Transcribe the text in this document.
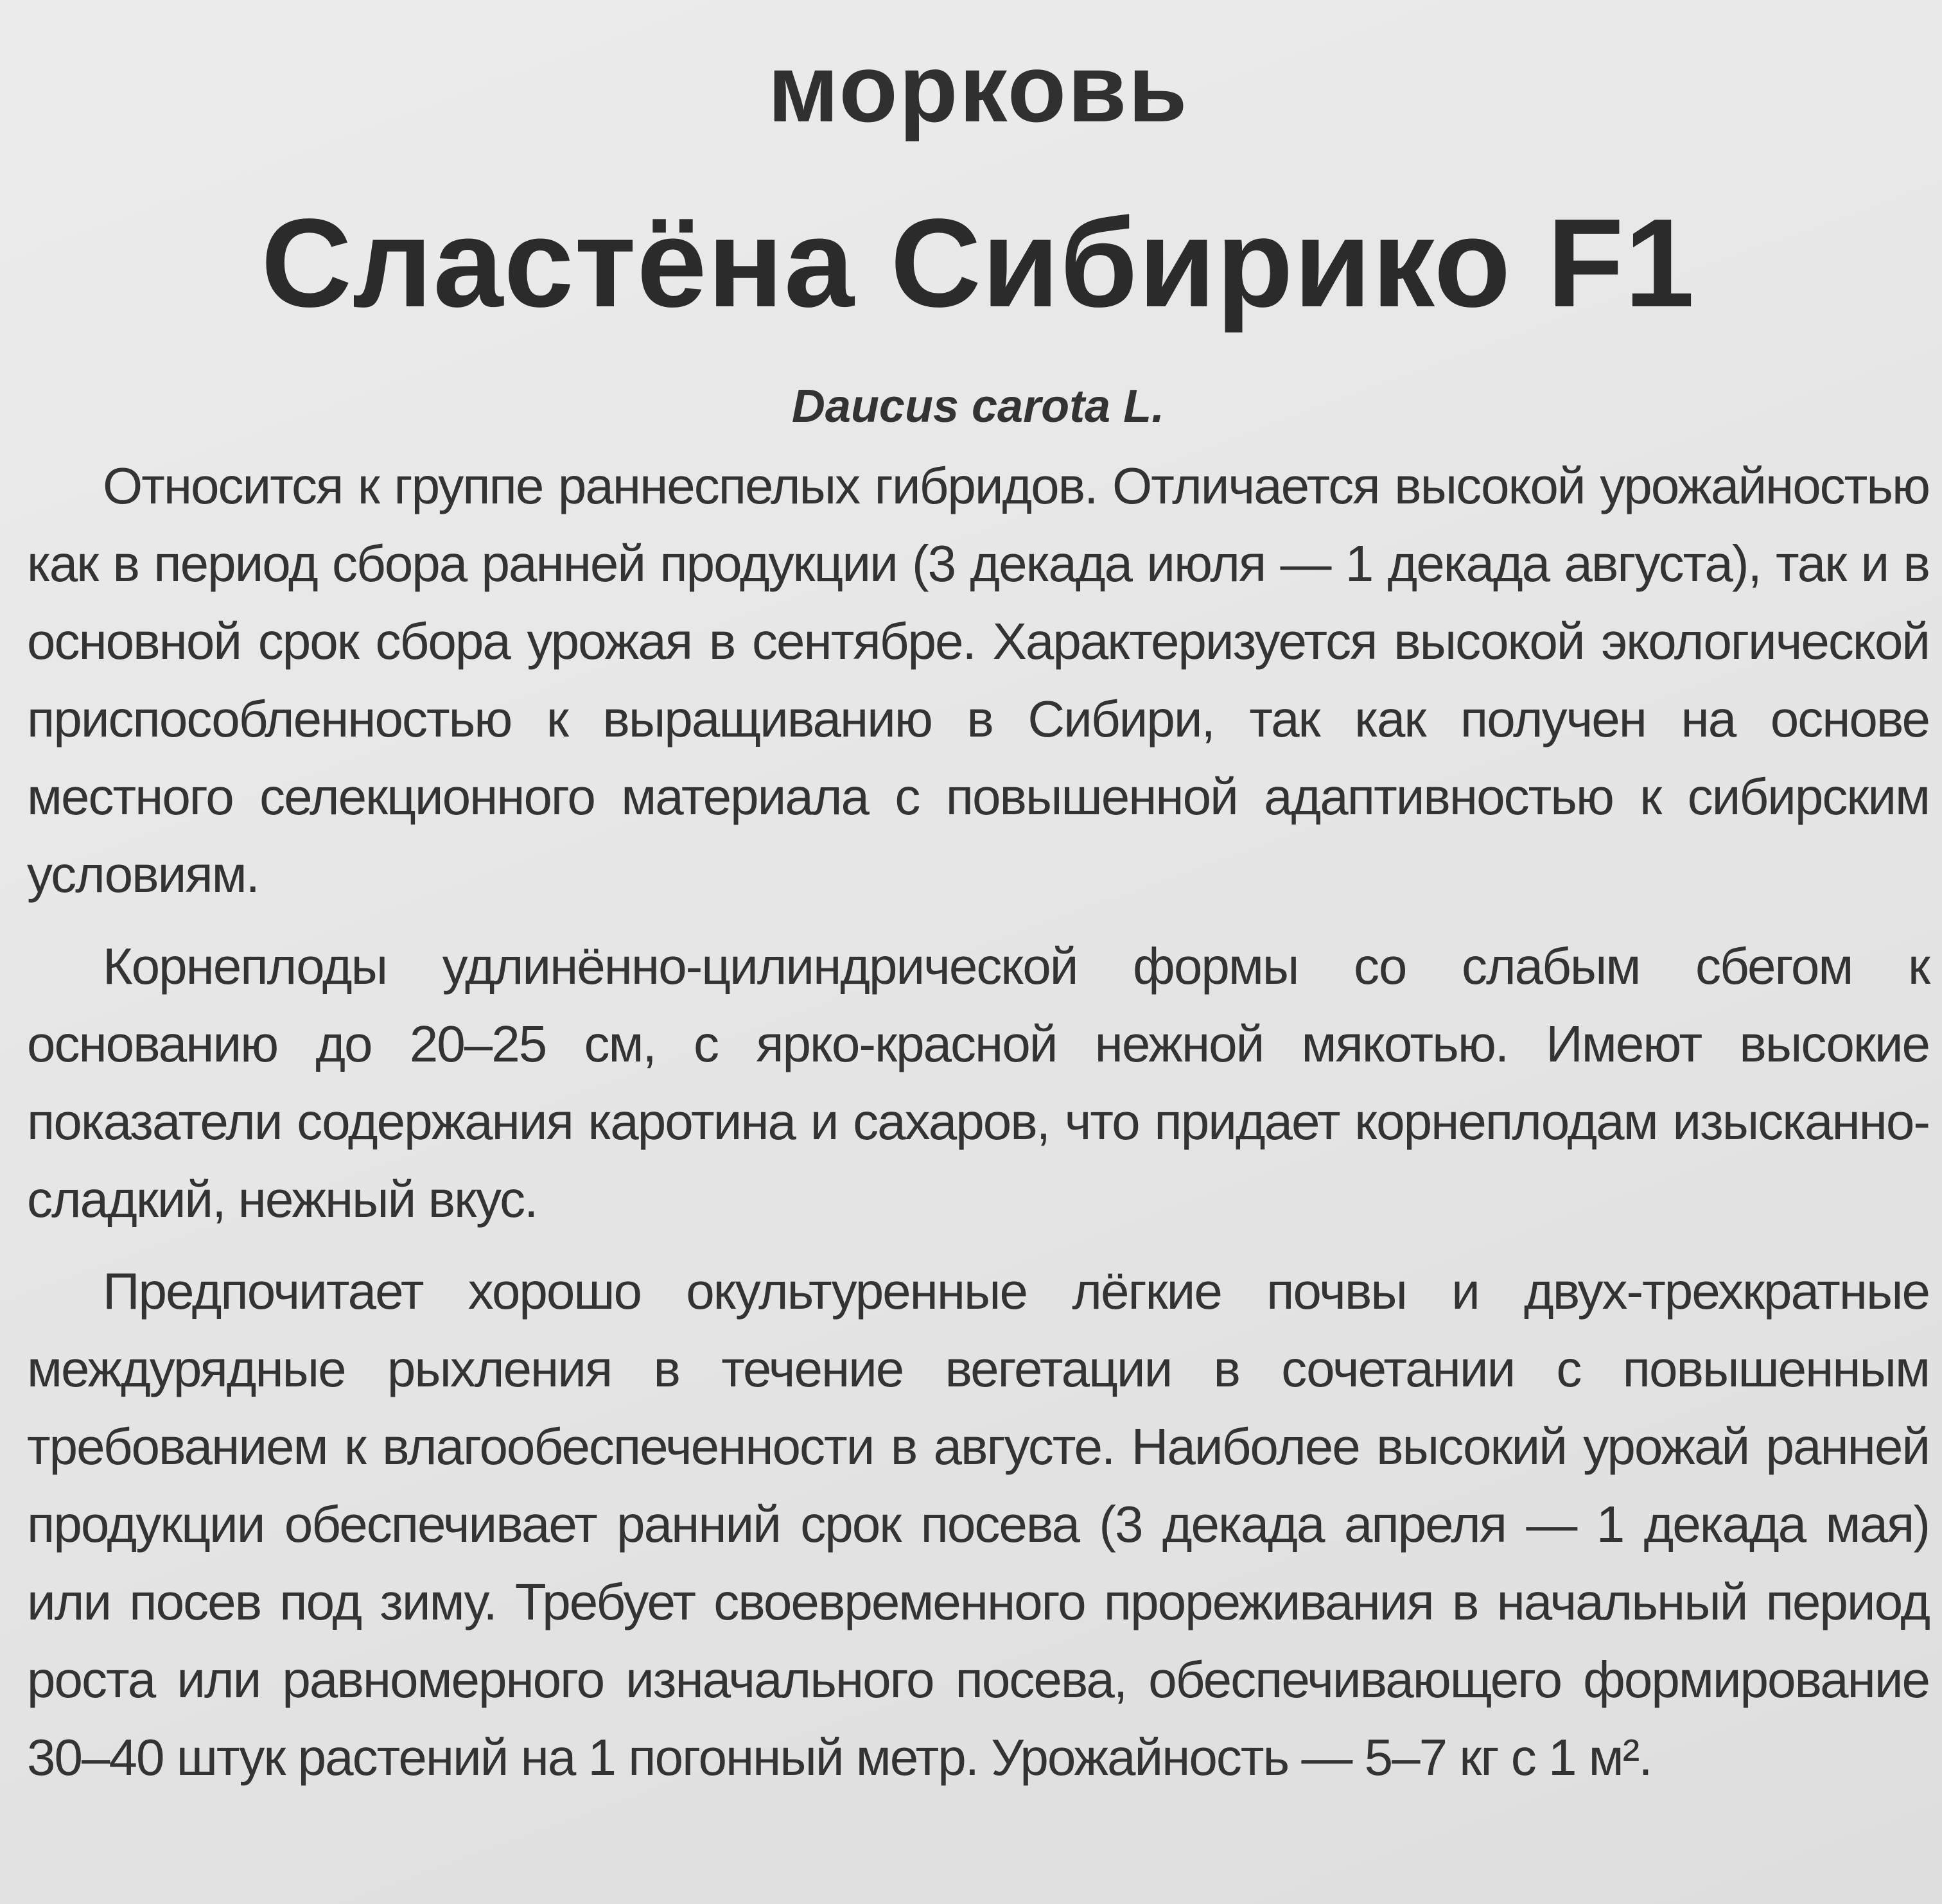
морковь
Сластёна Сибирико F1
Daucus carota L.

Относится к группе раннеспелых гибридов. Отличается высокой урожайностью как в период сбора ранней продукции (3 декада июля — 1 декада августа), так и в основной срок сбора урожая в сентябре. Характеризуется высокой экологической приспособленностью к выращиванию в Сибири, так как получен на основе местного селекционного материала с повышенной адаптивностью к сибирским условиям.

Корнеплоды удлинённо-цилиндрической формы со слабым сбегом к основанию до 20–25 см, с ярко-красной нежной мякотью. Имеют высокие показатели содержания каротина и сахаров, что придает корнеплодам изысканно-сладкий, нежный вкус.

Предпочитает хорошо окультуренные лёгкие почвы и двух-трехкратные междурядные рыхления в течение вегетации в сочетании с повышенным требованием к влагообеспеченности в августе. Наиболее высокий урожай ранней продукции обеспечивает ранний срок посева (3 декада апреля — 1 декада мая) или посев под зиму. Требует своевременного прореживания в начальный период роста или равномерного изначального посева, обеспечивающего формирование 30–40 штук растений на 1 погонный метр. Урожайность — 5–7 кг с 1 м².
